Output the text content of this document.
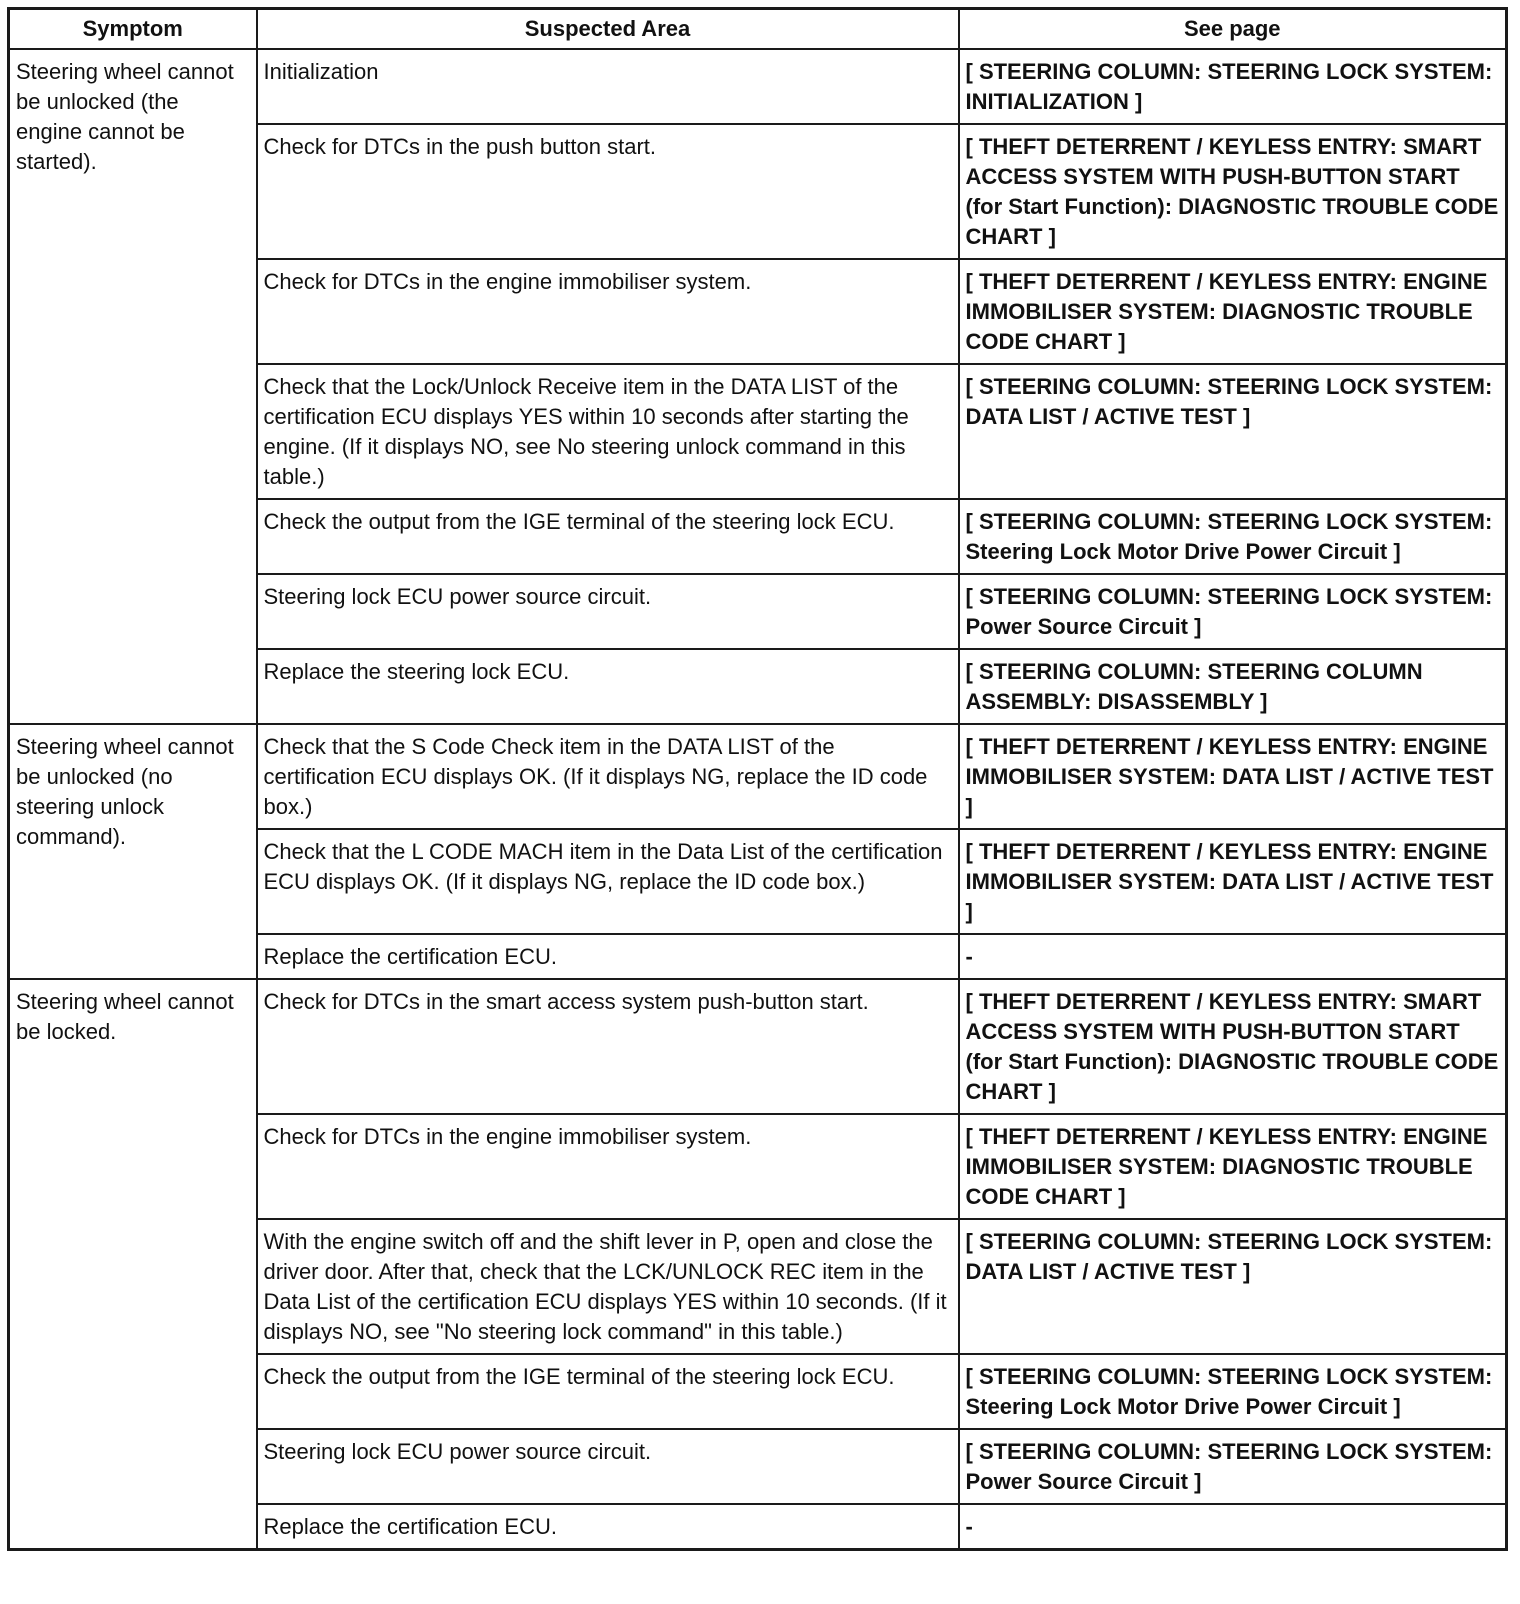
Symptom	Suspected Area	See page
Steering wheel cannot be unlocked (the engine cannot be started).	Initialization	[ STEERING COLUMN: STEERING LOCK SYSTEM: INITIALIZATION ]
	Check for DTCs in the push button start.	[ THEFT DETERRENT / KEYLESS ENTRY: SMART ACCESS SYSTEM WITH PUSH-BUTTON START (for Start Function): DIAGNOSTIC TROUBLE CODE CHART ]
	Check for DTCs in the engine immobiliser system.	[ THEFT DETERRENT / KEYLESS ENTRY: ENGINE IMMOBILISER SYSTEM: DIAGNOSTIC TROUBLE CODE CHART ]
	Check that the Lock/Unlock Receive item in the DATA LIST of the certification ECU displays YES within 10 seconds after starting the engine. (If it displays NO, see No steering unlock command in this table.)	[ STEERING COLUMN: STEERING LOCK SYSTEM: DATA LIST / ACTIVE TEST ]
	Check the output from the IGE terminal of the steering lock ECU.	[ STEERING COLUMN: STEERING LOCK SYSTEM: Steering Lock Motor Drive Power Circuit ]
	Steering lock ECU power source circuit.	[ STEERING COLUMN: STEERING LOCK SYSTEM: Power Source Circuit ]
	Replace the steering lock ECU.	[ STEERING COLUMN: STEERING COLUMN ASSEMBLY: DISASSEMBLY ]
Steering wheel cannot be unlocked (no steering unlock command).	Check that the S Code Check item in the DATA LIST of the certification ECU displays OK. (If it displays NG, replace the ID code box.)	[ THEFT DETERRENT / KEYLESS ENTRY: ENGINE IMMOBILISER SYSTEM: DATA LIST / ACTIVE TEST ]
	Check that the L CODE MACH item in the Data List of the certification ECU displays OK. (If it displays NG, replace the ID code box.)	[ THEFT DETERRENT / KEYLESS ENTRY: ENGINE IMMOBILISER SYSTEM: DATA LIST / ACTIVE TEST ]
	Replace the certification ECU.	-
Steering wheel cannot be locked.	Check for DTCs in the smart access system push-button start.	[ THEFT DETERRENT / KEYLESS ENTRY: SMART ACCESS SYSTEM WITH PUSH-BUTTON START (for Start Function): DIAGNOSTIC TROUBLE CODE CHART ]
	Check for DTCs in the engine immobiliser system.	[ THEFT DETERRENT / KEYLESS ENTRY: ENGINE IMMOBILISER SYSTEM: DIAGNOSTIC TROUBLE CODE CHART ]
	With the engine switch off and the shift lever in P, open and close the driver door. After that, check that the LCK/UNLOCK REC item in the Data List of the certification ECU displays YES within 10 seconds. (If it displays NO, see "No steering lock command" in this table.)	[ STEERING COLUMN: STEERING LOCK SYSTEM: DATA LIST / ACTIVE TEST ]
	Check the output from the IGE terminal of the steering lock ECU.	[ STEERING COLUMN: STEERING LOCK SYSTEM: Steering Lock Motor Drive Power Circuit ]
	Steering lock ECU power source circuit.	[ STEERING COLUMN: STEERING LOCK SYSTEM: Power Source Circuit ]
	Replace the certification ECU.	-
